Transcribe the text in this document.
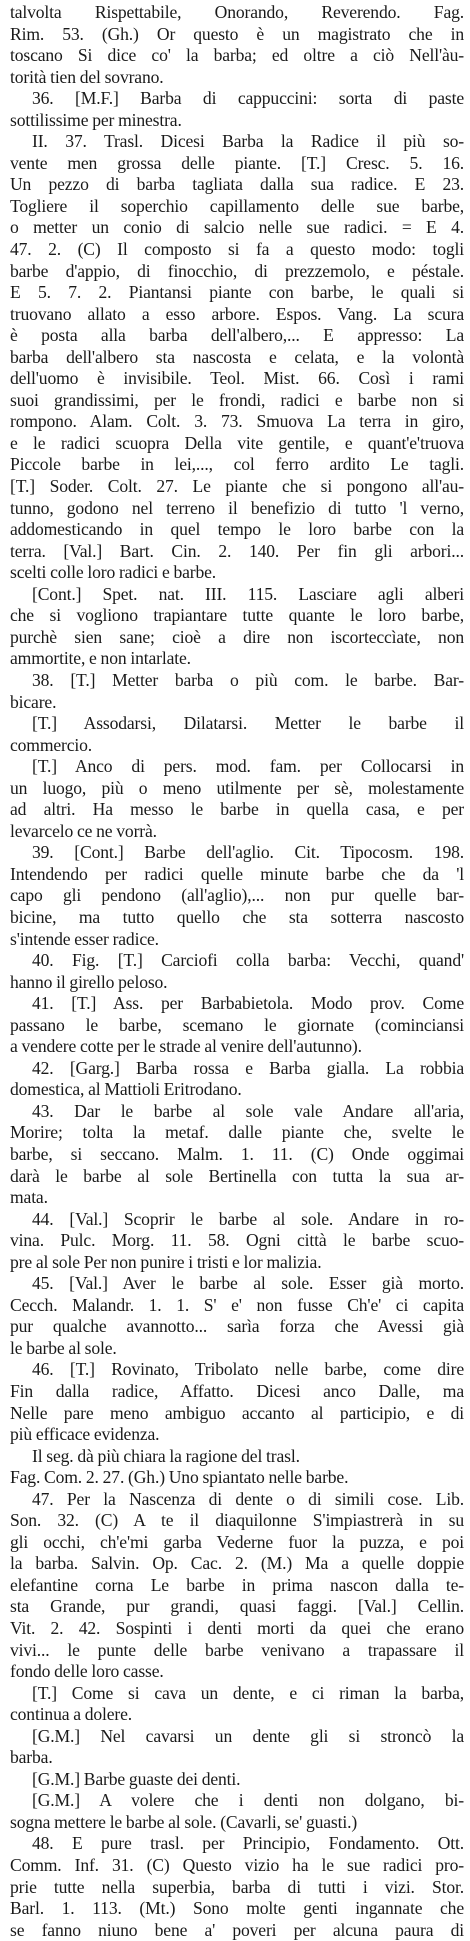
talvolta Rispettabile, Onorando, Reverendo. Fag.
Rim. 53. (Gh.) Or questo è un magistrato che in
toscano Si dice co' la barba; ed oltre a ciò Nell'àu-
torità tien del sovrano.
36. [M.F.] Barba di cappuccini: sorta di paste
sottilissime per minestra.
II. 37. Trasl. Dicesi Barba la Radice il più so-
vente men grossa delle piante. [T.] Cresc. 5. 16.
Un pezzo di barba tagliata dalla sua radice. E 23.
Togliere il soperchio capillamento delle sue barbe,
o metter un conio di salcio nelle sue radici. = E 4.
47. 2. (C) Il composto si fa a questo modo: togli
barbe d'appio, di finocchio, di prezzemolo, e péstale.
E 5. 7. 2. Piantansi piante con barbe, le quali si
truovano allato a esso arbore. Espos. Vang. La scura
è posta alla barba dell'albero,... E appresso: La
barba dell'albero sta nascosta e celata, e la volontà
dell'uomo è invisibile. Teol. Mist. 66. Così i rami
suoi grandissimi, per le frondi, radici e barbe non si
rompono. Alam. Colt. 3. 73. Smuova La terra in giro,
e le radici scuopra Della vite gentile, e quant'e'truova
Piccole barbe in lei,..., col ferro ardito Le tagli.
[T.] Soder. Colt. 27. Le piante che si pongono all'au-
tunno, godono nel terreno il benefizio di tutto 'l verno,
addomesticando in quel tempo le loro barbe con la
terra. [Val.] Bart. Cin. 2. 140. Per fin gli arbori...
scelti colle loro radici e barbe.
[Cont.] Spet. nat. III. 115. Lasciare agli alberi
che si vogliono trapiantare tutte quante le loro barbe,
purchè sien sane; cioè a dire non iscorteccìate, non
ammortite, e non intarlate.
38. [T.] Metter barba o più com. le barbe. Bar-
bicare.
[T.] Assodarsi, Dilatarsi. Metter le barbe il
commercio.
[T.] Anco di pers. mod. fam. per Collocarsi in
un luogo, più o meno utilmente per sè, molestamente
ad altri. Ha messo le barbe in quella casa, e per
levarcelo ce ne vorrà.
39. [Cont.] Barbe dell'aglio. Cit. Tipocosm. 198.
Intendendo per radici quelle minute barbe che da 'l
capo gli pendono (all'aglio),... non pur quelle bar-
bicine, ma tutto quello che sta sotterra nascosto
s'intende esser radice.
40. Fig. [T.] Carciofi colla barba: Vecchi, quand'
hanno il girello peloso.
41. [T.] Ass. per Barbabietola. Modo prov. Come
passano le barbe, scemano le giornate (cominciansi
a vendere cotte per le strade al venire dell'autunno).
42. [Garg.] Barba rossa e Barba gialla. La robbia
domestica, al Mattioli Eritrodano.
43. Dar le barbe al sole vale Andare all'aria,
Morire; tolta la metaf. dalle piante che, svelte le
barbe, si seccano. Malm. 1. 11. (C) Onde oggimai
darà le barbe al sole Bertinella con tutta la sua ar-
mata.
44. [Val.] Scoprir le barbe al sole. Andare in ro-
vina. Pulc. Morg. 11. 58. Ogni città le barbe scuo-
pre al sole Per non punire i tristi e lor malizia.
45. [Val.] Aver le barbe al sole. Esser già morto.
Cecch. Malandr. 1. 1. S' e' non fusse Ch'e' ci capita
pur qualche avannotto... sarìa forza che Avessi già
le barbe al sole.
46. [T.] Rovinato, Tribolato nelle barbe, come dire
Fin dalla radice, Affatto. Dicesi anco Dalle, ma
Nelle pare meno ambiguo accanto al participio, e di
più efficace evidenza.
Il seg. dà più chiara la ragione del trasl.
Fag. Com. 2. 27. (Gh.) Uno spiantato nelle barbe.
47. Per la Nascenza di dente o di simili cose. Lib.
Son. 32. (C) A te il diaquilonne S'impiastrerà in su
gli occhi, ch'e'mi garba Vederne fuor la puzza, e poi
la barba. Salvin. Op. Cac. 2. (M.) Ma a quelle doppie
elefantine corna Le barbe in prima nascon dalla te-
sta Grande, pur grandi, quasi faggi. [Val.] Cellin.
Vit. 2. 42. Sospinti i denti morti da quei che erano
vivi... le punte delle barbe venivano a trapassare il
fondo delle loro casse.
[T.] Come si cava un dente, e ci riman la barba,
continua a dolere.
[G.M.] Nel cavarsi un dente gli si stroncò la
barba.
[G.M.] Barbe guaste dei denti.
[G.M.] A volere che i denti non dolgano, bi-
sogna mettere le barbe al sole. (Cavarli, se' guasti.)
48. E pure trasl. per Principio, Fondamento. Ott.
Comm. Inf. 31. (C) Questo vizio ha le sue radici pro-
prie tutte nella superbia, barba di tutti i vizi. Stor.
Barl. 1. 113. (Mt.) Sono molte genti ingannate che
se fanno niuno bene a' poveri per alcuna paura di
